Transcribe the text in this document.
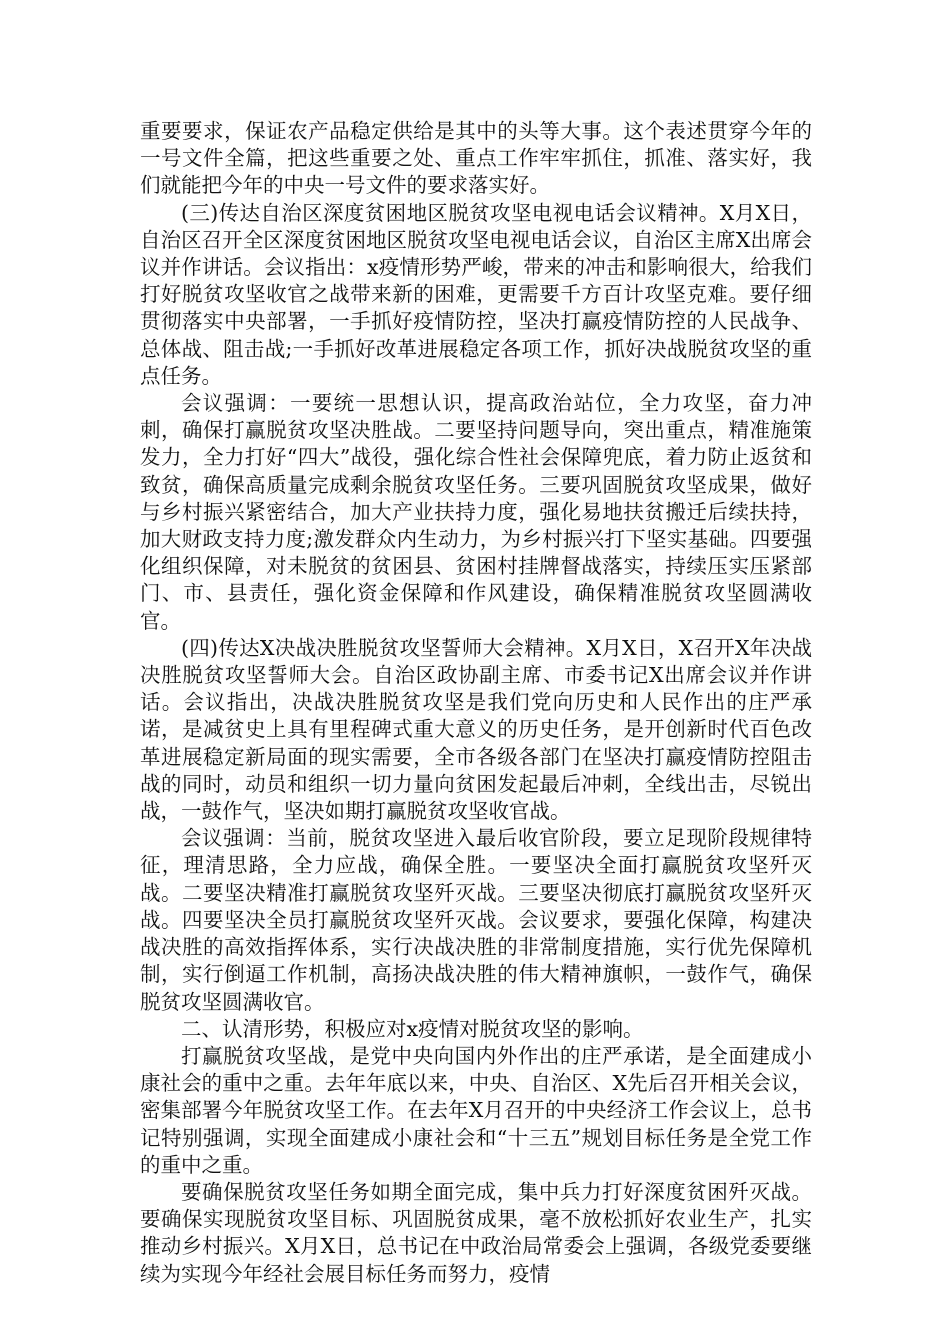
重要要求，保证农产品稳定供给是其中的头等大事。这个表述贯穿今年的一号文件全篇，把这些重要之处、重点工作牢牢抓住，抓准、落实好，我们就能把今年的中央一号文件的要求落实好。

(三)传达自治区深度贫困地区脱贫攻坚电视电话会议精神。X月X日，自治区召开全区深度贫困地区脱贫攻坚电视电话会议，自治区主席X出席会议并作讲话。会议指出：x疫情形势严峻，带来的冲击和影响很大，给我们打好脱贫攻坚收官之战带来新的困难，更需要千方百计攻坚克难。要仔细贯彻落实中央部署，一手抓好疫情防控，坚决打赢疫情防控的人民战争、总体战、阻击战;一手抓好改革进展稳定各项工作，抓好决战脱贫攻坚的重点任务。

会议强调：一要统一思想认识，提高政治站位，全力攻坚，奋力冲刺，确保打赢脱贫攻坚决胜战。二要坚持问题导向，突出重点，精准施策发力，全力打好“四大”战役，强化综合性社会保障兜底，着力防止返贫和致贫，确保高质量完成剩余脱贫攻坚任务。三要巩固脱贫攻坚成果，做好与乡村振兴紧密结合，加大产业扶持力度，强化易地扶贫搬迁后续扶持，加大财政支持力度;激发群众内生动力，为乡村振兴打下坚实基础。四要强化组织保障，对未脱贫的贫困县、贫困村挂牌督战落实，持续压实压紧部门、市、县责任，强化资金保障和作风建设，确保精准脱贫攻坚圆满收官。

(四)传达X决战决胜脱贫攻坚誓师大会精神。X月X日，X召开X年决战决胜脱贫攻坚誓师大会。自治区政协副主席、市委书记X出席会议并作讲话。会议指出，决战决胜脱贫攻坚是我们党向历史和人民作出的庄严承诺，是减贫史上具有里程碑式重大意义的历史任务，是开创新时代百色改革进展稳定新局面的现实需要，全市各级各部门在坚决打赢疫情防控阻击战的同时，动员和组织一切力量向贫困发起最后冲刺，全线出击，尽锐出战，一鼓作气，坚决如期打赢脱贫攻坚收官战。

会议强调：当前，脱贫攻坚进入最后收官阶段，要立足现阶段规律特征，理清思路，全力应战，确保全胜。一要坚决全面打赢脱贫攻坚歼灭战。二要坚决精准打赢脱贫攻坚歼灭战。三要坚决彻底打赢脱贫攻坚歼灭战。四要坚决全员打赢脱贫攻坚歼灭战。会议要求，要强化保障，构建决战决胜的高效指挥体系，实行决战决胜的非常制度措施，实行优先保障机制，实行倒逼工作机制，高扬决战决胜的伟大精神旗帜，一鼓作气，确保脱贫攻坚圆满收官。

二、认清形势，积极应对x疫情对脱贫攻坚的影响。

打赢脱贫攻坚战，是党中央向国内外作出的庄严承诺，是全面建成小康社会的重中之重。去年年底以来，中央、自治区、X先后召开相关会议，密集部署今年脱贫攻坚工作。在去年X月召开的中央经济工作会议上，总书记特别强调，实现全面建成小康社会和“十三五”规划目标任务是全党工作的重中之重。

要确保脱贫攻坚任务如期全面完成，集中兵力打好深度贫困歼灭战。要确保实现脱贫攻坚目标、巩固脱贫成果，毫不放松抓好农业生产，扎实推动乡村振兴。X月X日，总书记在中政治局常委会上强调，各级党委要继续为实现今年经社会展目标任务而努力，疫情
